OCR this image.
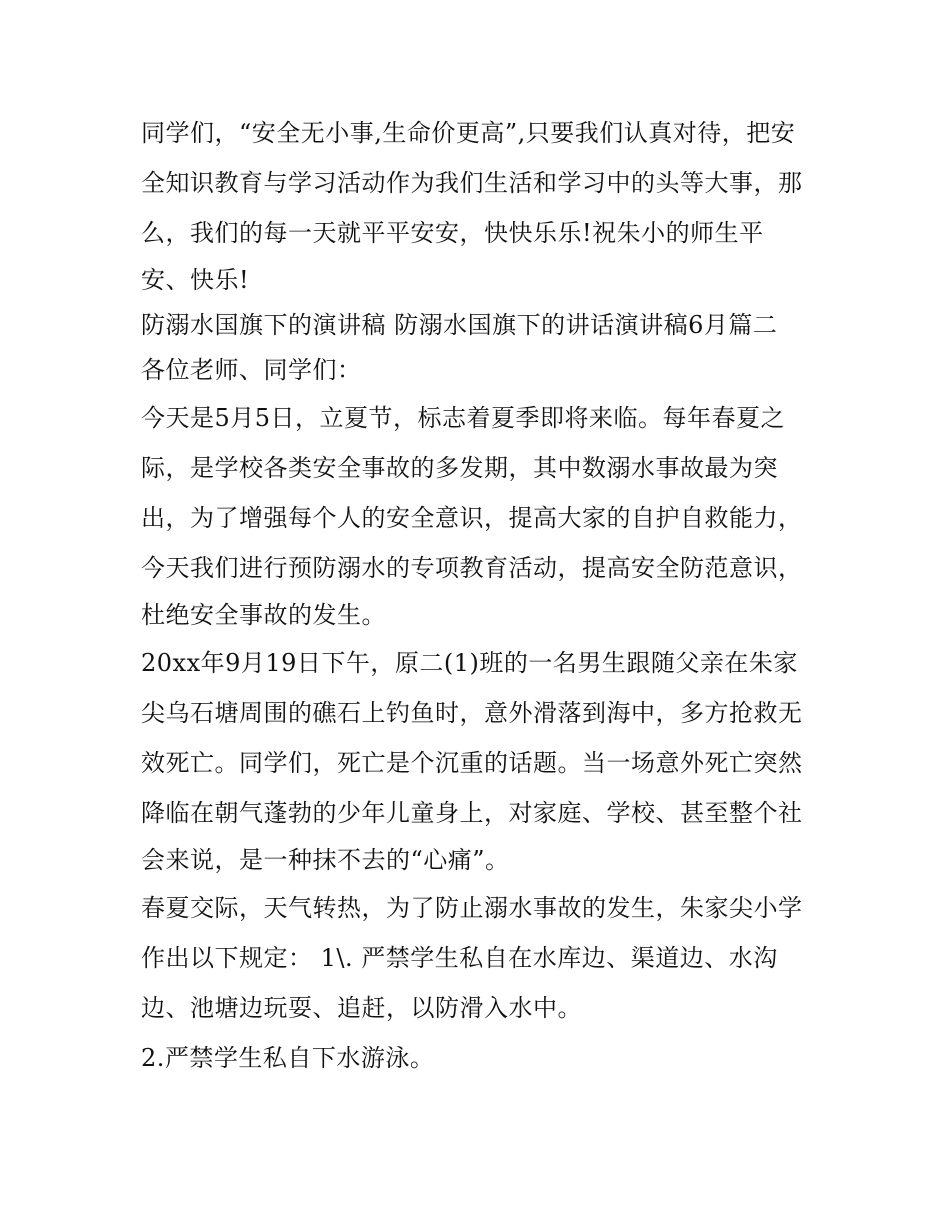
同学们，“安全无小事,生命价更高”,只要我们认真对待，把安
全知识教育与学习活动作为我们生活和学习中的头等大事，那
么，我们的每一天就平平安安，快快乐乐!祝朱小的师生平
安、快乐!
防溺水国旗下的演讲稿 防溺水国旗下的讲话演讲稿6月篇二
各位老师、同学们：
今天是5月5日，立夏节，标志着夏季即将来临。每年春夏之
际，是学校各类安全事故的多发期，其中数溺水事故最为突
出，为了增强每个人的安全意识，提高大家的自护自救能力，
今天我们进行预防溺水的专项教育活动，提高安全防范意识，
杜绝安全事故的发生。
20xx年9月19日下午，原二(1)班的一名男生跟随父亲在朱家
尖乌石塘周围的礁石上钓鱼时，意外滑落到海中，多方抢救无
效死亡。同学们，死亡是个沉重的话题。当一场意外死亡突然
降临在朝气蓬勃的少年儿童身上，对家庭、学校、甚至整个社
会来说，是一种抹不去的“心痛”。
春夏交际，天气转热，为了防止溺水事故的发生，朱家尖小学
作出以下规定： 1\. 严禁学生私自在水库边、渠道边、水沟
边、池塘边玩耍、追赶，以防滑入水中。
2.严禁学生私自下水游泳。
